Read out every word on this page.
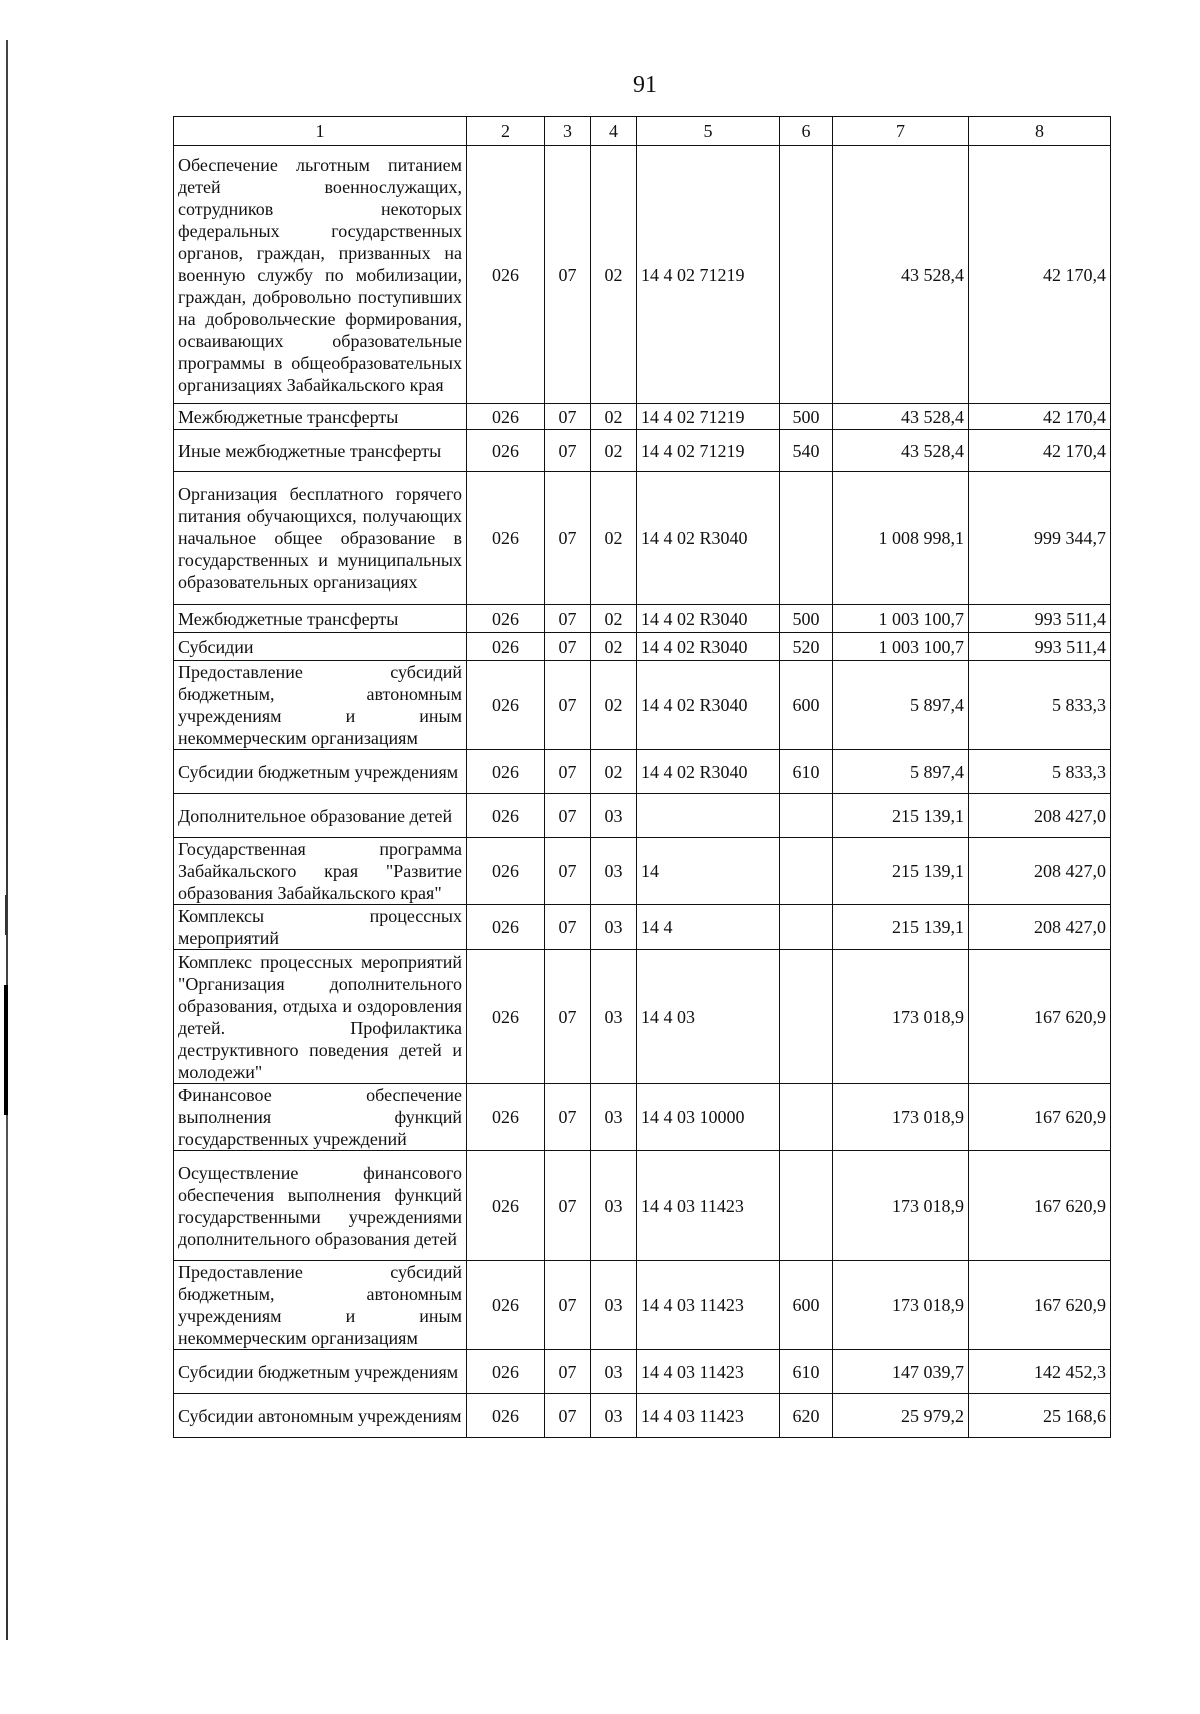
91
1	2	3	4	5	6	7	8
Обеспечение льготным питанием детей военнослужащих, сотрудников некоторых федеральных государственных органов, граждан, призванных на военную службу по мобилизации, граждан, добровольно поступивших на добровольческие формирования, осваивающих образовательные программы в общеобразовательных организациях Забайкальского края	026	07	02	14 4 02 71219		43 528,4	42 170,4
Межбюджетные трансферты	026	07	02	14 4 02 71219	500	43 528,4	42 170,4
Иные межбюджетные трансферты	026	07	02	14 4 02 71219	540	43 528,4	42 170,4
Организация бесплатного горячего питания обучающихся, получающих начальное общее образование в государственных и муниципальных образовательных организациях	026	07	02	14 4 02 R3040		1 008 998,1	999 344,7
Межбюджетные трансферты	026	07	02	14 4 02 R3040	500	1 003 100,7	993 511,4
Субсидии	026	07	02	14 4 02 R3040	520	1 003 100,7	993 511,4
Предоставление субсидий бюджетным, автономным учреждениям и иным некоммерческим организациям	026	07	02	14 4 02 R3040	600	5 897,4	5 833,3
Субсидии бюджетным учреждениям	026	07	02	14 4 02 R3040	610	5 897,4	5 833,3
Дополнительное образование детей	026	07	03			215 139,1	208 427,0
Государственная программа Забайкальского края "Развитие образования Забайкальского края"	026	07	03	14		215 139,1	208 427,0
Комплексы процессных мероприятий	026	07	03	14 4		215 139,1	208 427,0
Комплекс процессных мероприятий "Организация дополнительного образования, отдыха и оздоровления детей. Профилактика деструктивного поведения детей и молодежи"	026	07	03	14 4 03		173 018,9	167 620,9
Финансовое обеспечение выполнения функций государственных учреждений	026	07	03	14 4 03 10000		173 018,9	167 620,9
Осуществление финансового обеспечения выполнения функций государственными учреждениями дополнительного образования детей	026	07	03	14 4 03 11423		173 018,9	167 620,9
Предоставление субсидий бюджетным, автономным учреждениям и иным некоммерческим организациям	026	07	03	14 4 03 11423	600	173 018,9	167 620,9
Субсидии бюджетным учреждениям	026	07	03	14 4 03 11423	610	147 039,7	142 452,3
Субсидии автономным учреждениям	026	07	03	14 4 03 11423	620	25 979,2	25 168,6
